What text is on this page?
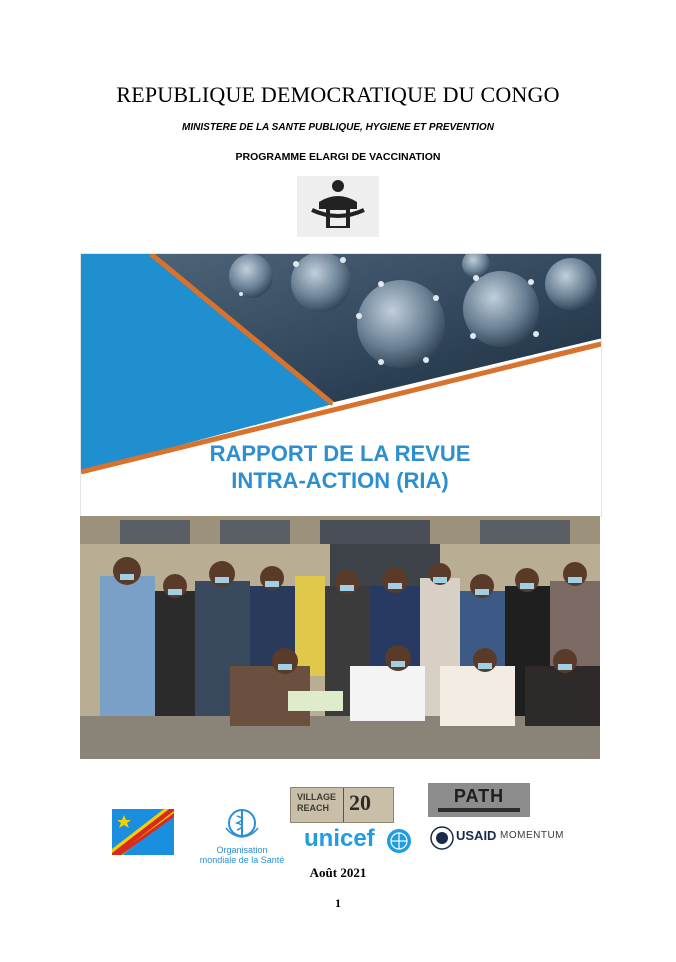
REPUBLIQUE DEMOCRATIQUE DU CONGO
MINISTERE DE LA SANTE PUBLIQUE, HYGIENE ET PREVENTION
PROGRAMME ELARGI DE VACCINATION
RAPPORT DE LA REVUE
INTRA-ACTION (RIA)
Organisation
mondiale de la Santé
VILLAGE
REACH 20	PATH
unicef	USAID MOMENTUM
Août 2021
1
